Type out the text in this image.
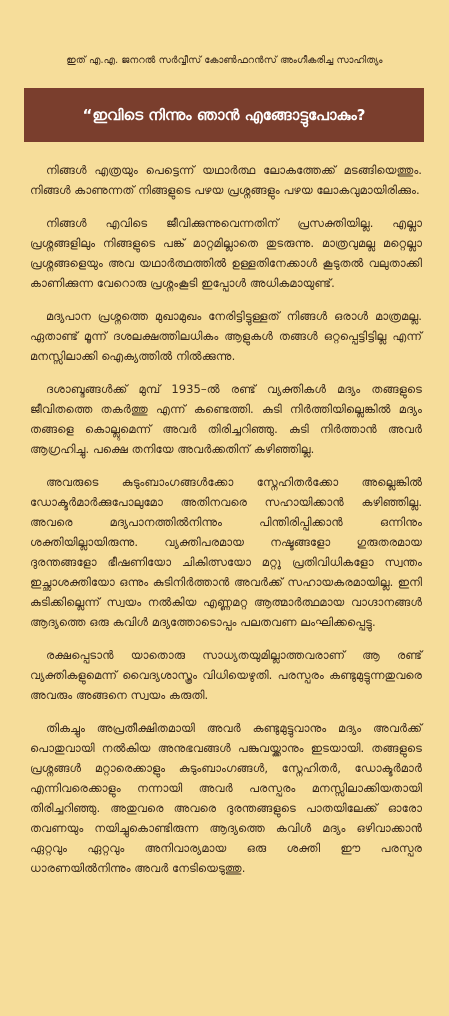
ഇത് എ.എ. ജനറൽ സർവ്വീസ് കോൺഫറൻസ് അംഗീകരിച്ച സാഹിത്യം
“ഇവിടെ നിന്നും ഞാൻ എങ്ങോട്ടുപോകും?

നിങ്ങൾ എത്രയും പെട്ടെന്ന് യഥാർത്ഥ ലോകത്തേക്ക് മടങ്ങിയെത്തും. നിങ്ങൾ കാണുന്നത് നിങ്ങളുടെ പഴയ പ്രശ്നങ്ങളും പഴയ ലോകവുമായിരിക്കും.

നിങ്ങൾ എവിടെ ജീവിക്കുന്നുവെന്നതിന് പ്രസക്തിയില്ല. എല്ലാ പ്രശ്നങ്ങളിലും നിങ്ങളുടെ പങ്ക് മാറ്റമില്ലാതെ തുടരുന്നു. മാത്രവുമല്ല മറ്റെല്ലാ പ്രശ്നങ്ങളെയും അവ യഥാർത്ഥത്തിൽ ഉള്ളതിനേക്കാൾ കൂടുതൽ വലുതാക്കി കാണിക്കുന്ന വേറൊരു പ്രശ്നംകൂടി ഇപ്പോൾ അധികമായുണ്ട്.

മദ്യപാന പ്രശ്നത്തെ മുഖാമുഖം നേരിട്ടിട്ടുള്ളത് നിങ്ങൾ ഒരാൾ മാത്രമല്ല. ഏതാണ്ട് മൂന്ന് ദശലക്ഷത്തിലധികം ആളുകൾ തങ്ങൾ ഒറ്റപ്പെട്ടിട്ടില്ല എന്ന് മനസ്സിലാക്കി ഐക്യത്തിൽ നിൽക്കുന്നു.

ദശാബ്ദങ്ങൾക്ക് മുമ്പ് 1935–ൽ രണ്ട് വ്യക്തികൾ മദ്യം തങ്ങളുടെ ജീവിതത്തെ തകർത്തു എന്ന് കണ്ടെത്തി. കുടി നിർത്തിയില്ലെങ്കിൽ മദ്യം തങ്ങളെ കൊല്ലുമെന്ന് അവർ തിരിച്ചറിഞ്ഞു. കുടി നിർത്താൻ അവർ ആഗ്രഹിച്ചു. പക്ഷെ തനിയേ അവർക്കതിന് കഴിഞ്ഞില്ല.

അവരുടെ കുടുംബാംഗങ്ങൾക്കോ സ്നേഹിതർക്കോ അല്ലെങ്കിൽ ഡോക്ടർമാർക്കുപോലുമോ അതിനവരെ സഹായിക്കാൻ കഴിഞ്ഞില്ല. അവരെ മദ്യപാനത്തിൽനിന്നും പിന്തിരിപ്പിക്കാൻ ഒന്നിനും ശക്തിയില്ലായിരുന്നു. വ്യക്തിപരമായ നഷ്ടങ്ങളോ ഗുരുതരമായ ദുരന്തങ്ങളോ ഭീഷണിയോ ചികിത്സയോ മറ്റു പ്രതിവിധികളോ സ്വന്തം ഇച്ഛാശക്തിയോ ഒന്നും കുടിനിർത്താൻ അവർക്ക് സഹായകരമായില്ല. ഇനി കുടിക്കില്ലെന്ന് സ്വയം നൽകിയ എണ്ണമറ്റ ആത്മാർത്ഥമായ വാഗ്ദാനങ്ങൾ ആദ്യത്തെ ഒരു കവിൾ മദ്യത്തോടൊപ്പം പലതവണ ലംഘിക്കപ്പെട്ടു.

രക്ഷപ്പെടാൻ യാതൊരു സാധ്യതയുമില്ലാത്തവരാണ് ആ രണ്ട് വ്യക്തികളുമെന്ന് വൈദ്യശാസ്ത്രം വിധിയെഴുതി. പരസ്പരം കണ്ടുമുട്ടുന്നതുവരെ അവരും അങ്ങനെ സ്വയം കരുതി.

തികച്ചും അപ്രതീക്ഷിതമായി അവർ കണ്ടുമുട്ടുവാനും മദ്യം അവർക്ക് പൊതുവായി നൽകിയ അനുഭവങ്ങൾ പങ്കുവയ്ക്കാനും ഇടയായി. തങ്ങളുടെ പ്രശ്നങ്ങൾ മറ്റാരെക്കാളും കുടുംബാംഗങ്ങൾ, സ്നേഹിതർ, ഡോക്ടർമാർ എന്നിവരെക്കാളും നന്നായി അവർ പരസ്പരം മനസ്സിലാക്കിയതായി തിരിച്ചറിഞ്ഞു. അതുവരെ അവരെ ദുരന്തങ്ങളുടെ പാതയിലേക്ക് ഓരോ തവണയും നയിച്ചുകൊണ്ടിരുന്ന ആദ്യത്തെ കവിൾ മദ്യം ഒഴിവാക്കാൻ ഏറ്റവും ഏറ്റവും അനിവാര്യമായ ഒരു ശക്തി ഈ പരസ്പര ധാരണയിൽനിന്നും അവർ നേടിയെടുത്തു.
